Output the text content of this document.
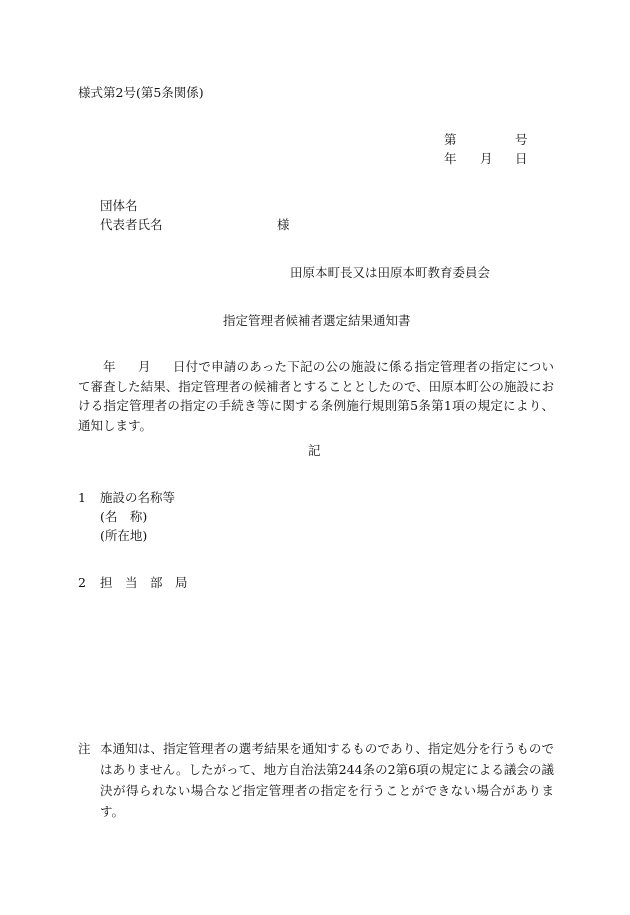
様式第2号(第5条関係)
第	号
年 月 日
団体名
代表者氏名	様
田原本町長又は田原本町教育委員会
指定管理者候補者選定結果通知書
年 月 日付で申請のあった下記の公の施設に係る指定管理者の指定について審査した結果、指定管理者の候補者とすることとしたので、田原本町公の施設における指定管理者の指定の手続き等に関する条例施行規則第5条第1項の規定により、通知します。
記
1 施設の名称等
(名　称)
(所在地)
2 担　当　部　局
注 本通知は、指定管理者の選考結果を通知するものであり、指定処分を行うものではありません。したがって、地方自治法第244条の2第6項の規定による議会の議決が得られない場合など指定管理者の指定を行うことができない場合があります。
